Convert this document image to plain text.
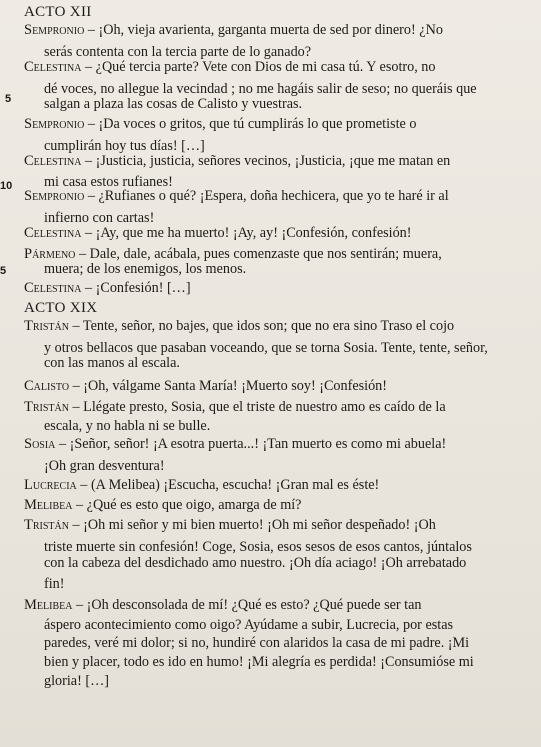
ACTO XII
Sempronio – ¡Oh, vieja avarienta, garganta muerta de sed por dinero! ¿No
serás contenta con la tercia parte de lo ganado?
Celestina – ¿Qué tercia parte? Vete con Dios de mi casa tú. Y esotro, no
dé voces, no allegue la vecindad ; no me hagáis salir de seso; no queráis que
salgan a plaza las cosas de Calisto y vuestras.
Sempronio – ¡Da voces o gritos, que tú cumplirás lo que prometiste o
cumplirán hoy tus días! […]
Celestina – ¡Justicia, justicia, señores vecinos, ¡Justicia, ¡que me matan en
mi casa estos rufianes!
Sempronio – ¿Rufianes o qué? ¡Espera, doña hechicera, que yo te haré ir al
infierno con cartas!
Celestina – ¡Ay, que me ha muerto! ¡Ay, ay! ¡Confesión, confesión!
Pármeno – Dale, dale, acábala, pues comenzaste que nos sentirán; muera,
muera; de los enemigos, los menos.
Celestina – ¡Confesión! […]
ACTO XIX
Tristán – Tente, señor, no bajes, que idos son; que no era sino Traso el cojo
y otros bellacos que pasaban voceando, que se torna Sosia. Tente, tente, señor,
con las manos al escala.
Calisto – ¡Oh, válgame Santa María! ¡Muerto soy! ¡Confesión!
Tristán – Llégate presto, Sosia, que el triste de nuestro amo es caído de la
escala, y no habla ni se bulle.
Sosia – ¡Señor, señor! ¡A esotra puerta...! ¡Tan muerto es como mi abuela!
¡Oh gran desventura!
Lucrecia – (A Melibea) ¡Escucha, escucha! ¡Gran mal es éste!
Melibea – ¿Qué es esto que oigo, amarga de mí?
Tristán – ¡Oh mi señor y mi bien muerto! ¡Oh mi señor despeñado! ¡Oh
triste muerte sin confesión! Coge, Sosia, esos sesos de esos cantos, júntalos
con la cabeza del desdichado amo nuestro. ¡Oh día aciago! ¡Oh arrebatado
fin!
Melibea – ¡Oh desconsolada de mí! ¿Qué es esto? ¿Qué puede ser tan
áspero acontecimiento como oigo? Ayúdame a subir, Lucrecia, por estas
paredes, veré mi dolor; si no, hundiré con alaridos la casa de mi padre. ¡Mi
bien y placer, todo es ido en humo! ¡Mi alegría es perdida! ¡Consumióse mi
gloria! […]
5
10
5
